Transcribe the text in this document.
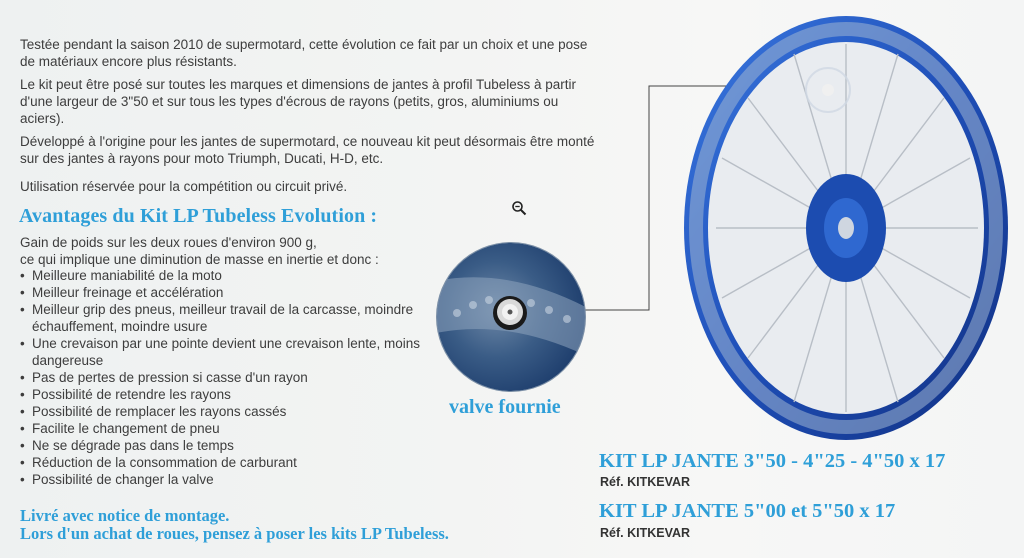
Testée pendant la saison 2010 de supermotard, cette évolution ce fait par un choix et une pose de matériaux encore plus résistants.

Le kit peut être posé sur toutes les marques et dimensions de jantes à profil Tubeless à partir d'une largeur de 3"50 et sur tous les types d'écrous de rayons (petits, gros, aluminiums ou aciers).

Développé à l'origine pour les jantes de supermotard, ce nouveau kit peut désormais être monté sur des jantes à rayons pour moto Triumph, Ducati, H-D, etc.

Utilisation réservée pour la compétition ou circuit privé.

Avantages du Kit LP Tubeless Evolution :

Gain de poids sur les deux roues d'environ 900 g,
ce qui implique une diminution de masse en inertie et donc :

• Meilleure maniabilité de la moto
• Meilleur freinage et accélération
• Meilleur grip des pneus, meilleur travail de la carcasse, moindre échauffement, moindre usure
• Une crevaison par une pointe devient une crevaison lente, moins dangereuse
• Pas de pertes de pression si casse d'un rayon
• Possibilité de retendre les rayons
• Possibilité de remplacer les rayons cassés
• Facilite le changement de pneu
• Ne se dégrade pas dans le temps
• Réduction de la consommation de carburant
• Possibilité de changer la valve
Livré avec notice de montage.
Lors d'un achat de roues, pensez à poser les kits LP Tubeless.
valve fournie
KIT LP JANTE 3"50 - 4"25 - 4"50 x 17
Réf. KITKEVAR
KIT LP JANTE 5"00 et 5"50 x 17
Réf. KITKEVAR
